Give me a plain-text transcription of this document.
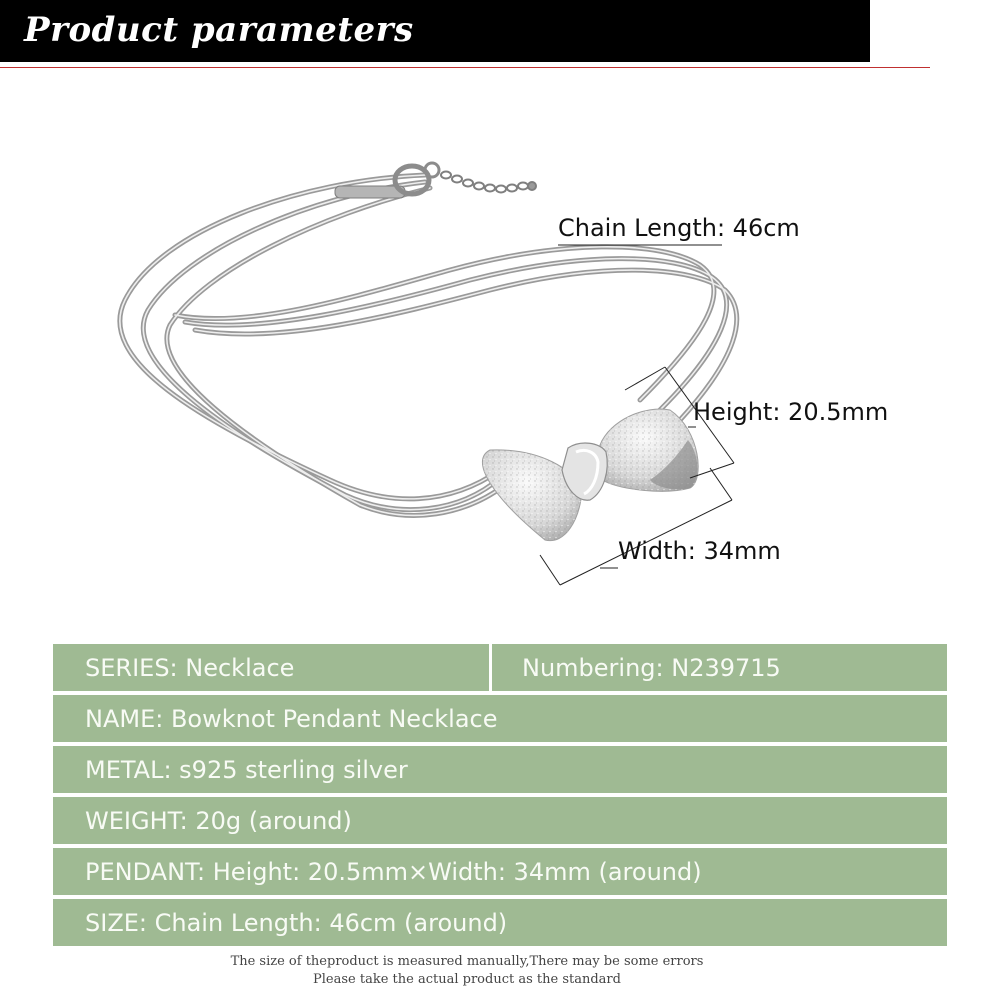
Product parameters
Chain Length: 46cm
Height: 20.5mm
Width: 34mm
SERIES: Necklace	Numbering: N239715
NAME: Bowknot Pendant Necklace
METAL: s925 sterling silver
WEIGHT: 20g (around)
PENDANT: Height: 20.5mm×Width: 34mm (around)
SIZE: Chain Length: 46cm (around)
The size of theproduct is measured manually,There may be some errors
Please take the actual product as the standard
